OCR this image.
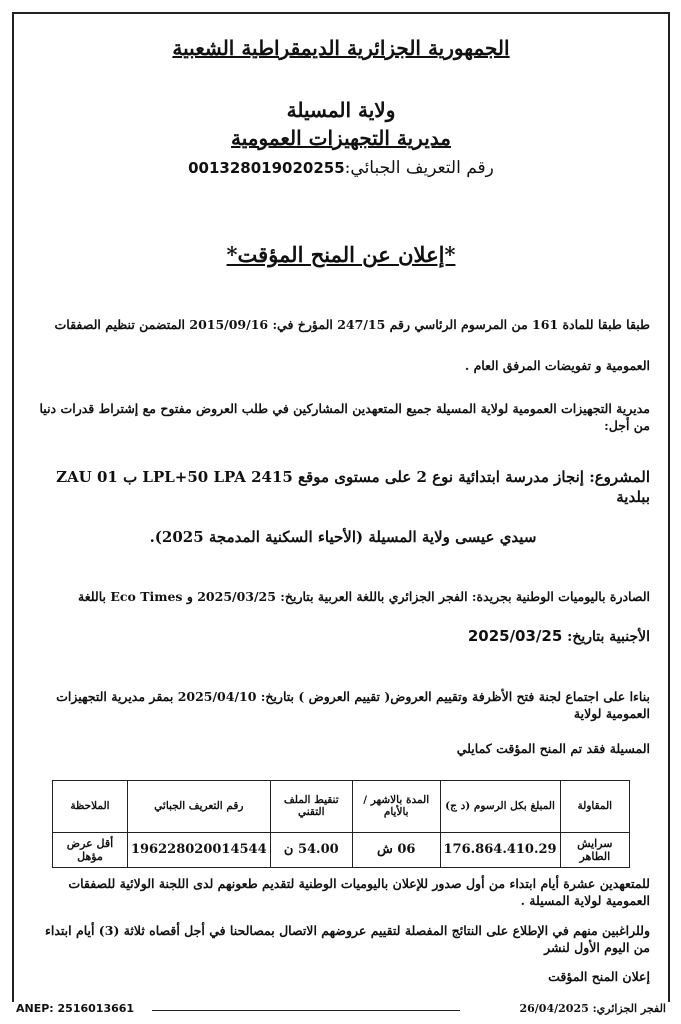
الجمهورية الجزائرية الديمقراطية الشعبية
ولاية المسيلة
مديرية التجهيزات العمومية
رقم التعريف الجبائي:001328019020255
*إعلان عن المنح المؤقت*

طبقا طبقا للمادة 161 من المرسوم الرئاسي رقم 247/15 المؤرخ في: 2015/09/16 المتضمن تنظيم الصفقات

العمومية و تفويضات المرفق العام .

مديرية التجهيزات العمومية لولاية المسيلة جميع المتعهدين المشاركين في طلب العروض مفتوح مع إشتراط قدرات دنيا من أجل:

المشروع: إنجاز مدرسة ابتدائية نوع 2 على مستوى موقع 2415 LPL+50 LPA ب ZAU 01 ببلدية

سيدي عيسى ولاية المسيلة (الأحياء السكنية المدمجة 2025).

الصادرة باليوميات الوطنية بجريدة: الفجر الجزائري باللغة العربية بتاريخ: 2025/03/25 و Eco Times باللغة

الأجنبية بتاريخ: 2025/03/25

بناءا على اجتماع لجنة فتح الأظرفة وتقييم العروض( تقييم العروض ) بتاريخ: 2025/04/10 بمقر مديرية التجهيزات العمومية لولاية

المسيلة فقد تم المنح المؤقت كمايلي

المقاولة	المبلغ بكل الرسوم (د ج)	المدة بالاشهر / بالأيام	تنقيط الملف التقني	رقم التعريف الجبائي	الملاحظة
سرايش الطاهر	176.864.410.29	06 ش	54.00 ن	196228020014544	أقل عرض مؤهل

للمتعهدين عشرة أيام ابتداء من أول صدور للإعلان باليوميات الوطنية لتقديم طعونهم لدى اللجنة الولائية للصفقات العمومية لولاية المسيلة .

وللراغبين منهم في الإطلاع على النتائج المفصلة لتقييم عروضهم الاتصال بمصالحنا في أجل أقصاه ثلاثة (3) أيام ابتداء من اليوم الأول لنشر

إعلان المنح المؤقت

ANEP: 2516013661	الفجر الجزائري: 26/04/2025
